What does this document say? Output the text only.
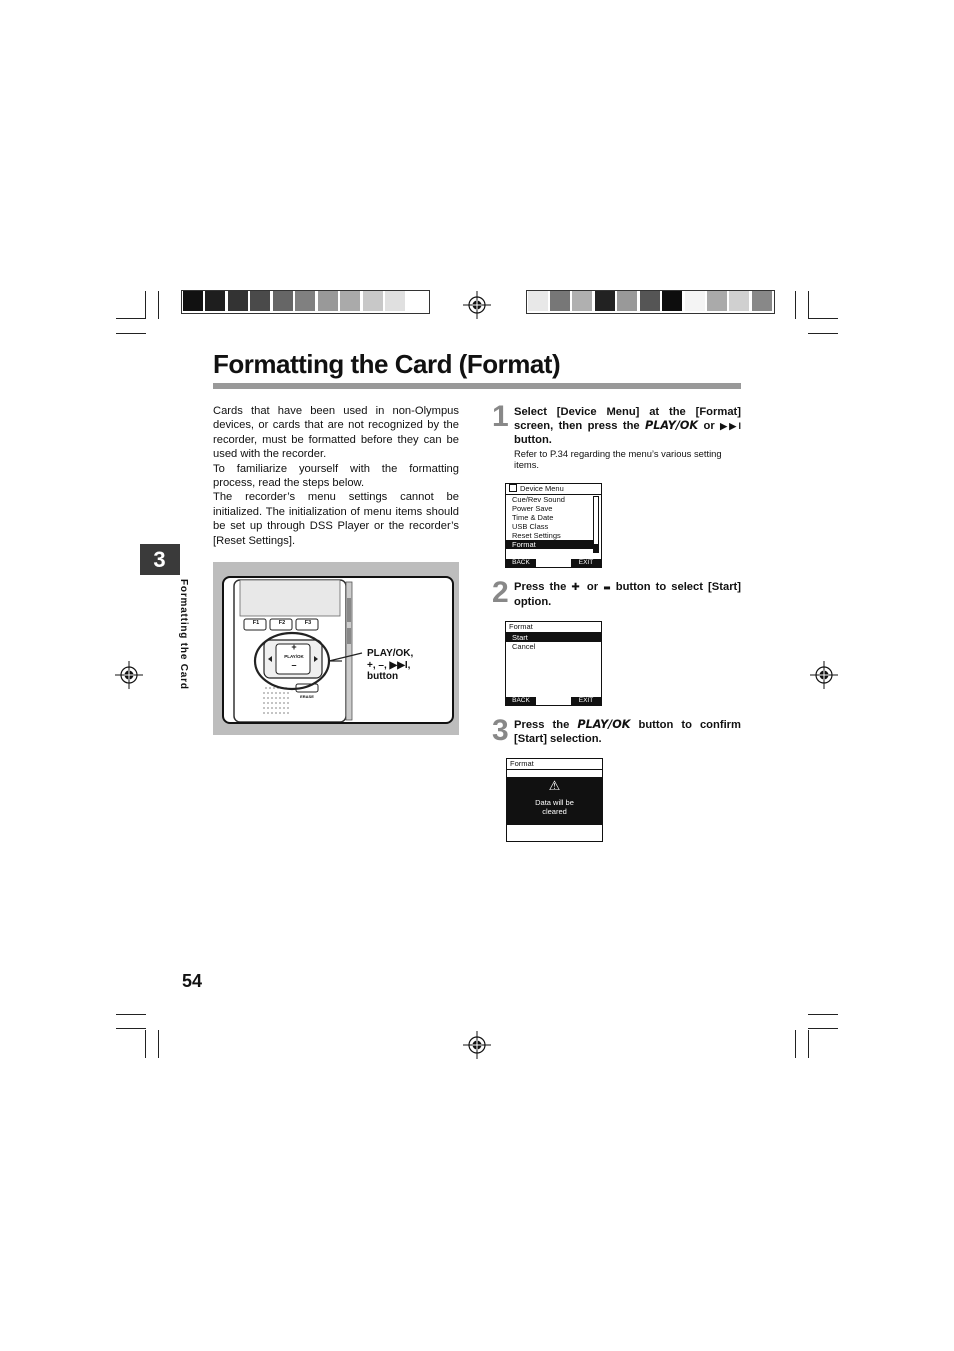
Formatting the Card (Format)
3
Formatting the Card

Cards that have been used in non-Olympus devices, or cards that are not recognized by the recorder, must be formatted before they can be used with the recorder.

To familiarize yourself with the formatting process, read the steps below.

The recorder’s menu settings cannot be initialized. The initialization of menu items should be set up through DSS Player or the recorder’s [Reset Settings].

F1	F2	F3
+
PLAY/OK
–
ERASE
PLAY/OK,
+, –, ▶▶I,
button
1 Select [Device Menu] at the [Format] screen, then press the PLAY/OK or ▶▶I button.
Refer to P.34 regarding the menu’s various setting items.
Device Menu
Cue/Rev Sound
Power Save
Time & Date
USB Class
Reset Settings
Format
BACK	EXIT
2 Press the ✚ or ▬ button to select [Start] option.
Format
Start
Cancel
BACK	EXIT
3 Press the PLAY/OK button to confirm [Start] selection.
Format
⚠
Data will be
cleared
54
